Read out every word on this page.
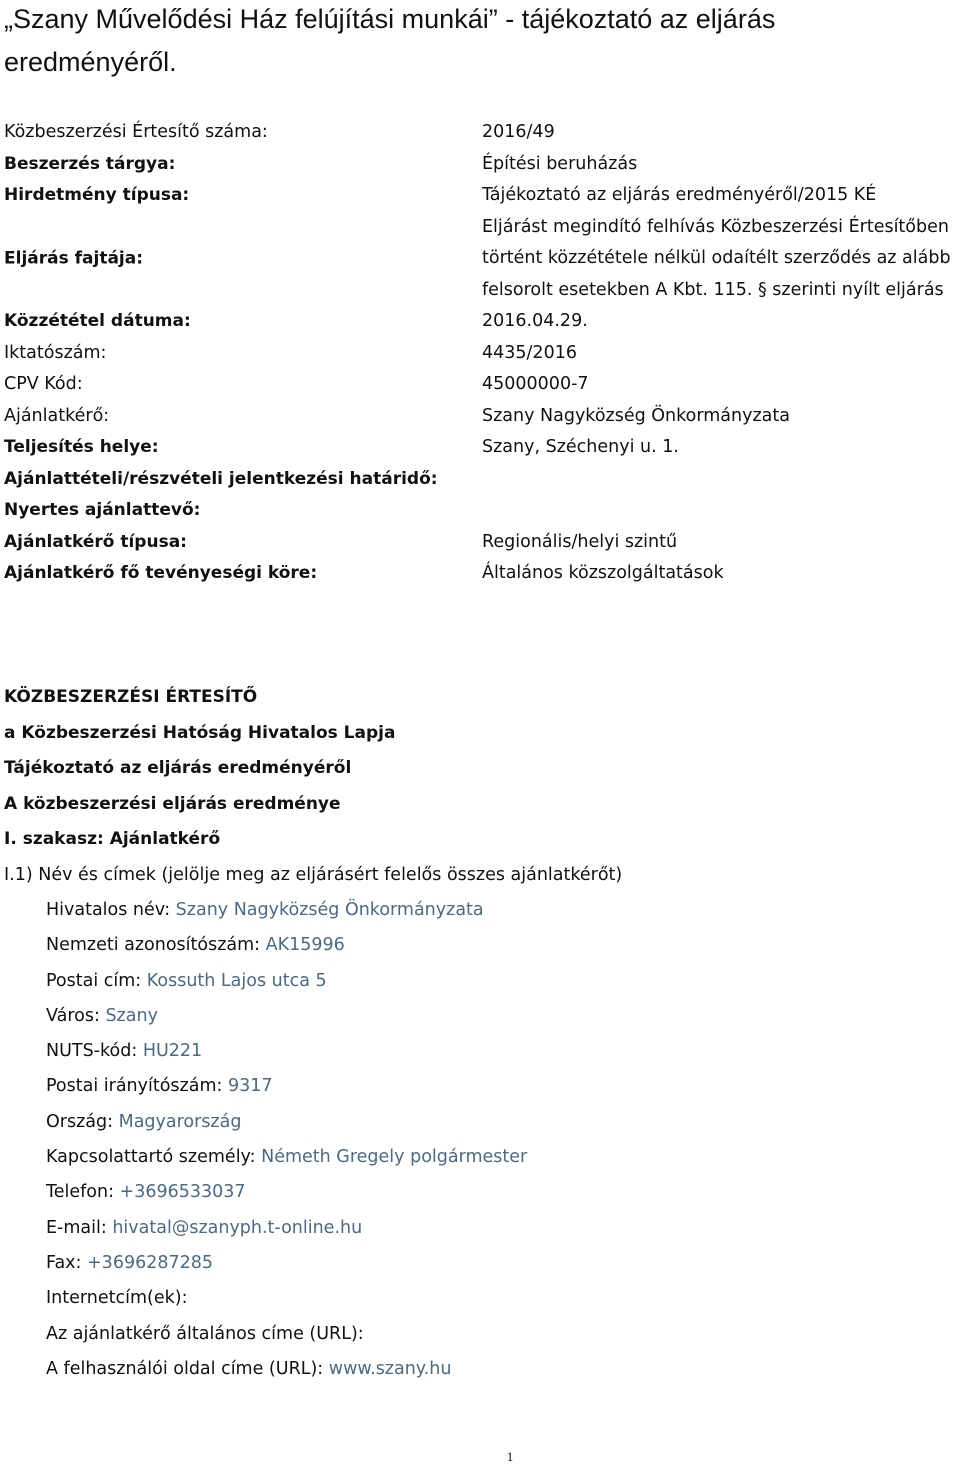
„Szany Művelődési Ház felújítási munkái” - tájékoztató az eljárás eredményéről.
Közbeszerzési Értesítő száma:	2016/49
Beszerzés tárgya:	Építési beruházás
Hirdetmény típusa:	Tájékoztató az eljárás eredményéről/2015 KÉ
Eljárás fajtája:
Eljárást megindító felhívás Közbeszerzési Értesítőben történt közzététele nélkül odaítélt szerződés az alább felsorolt esetekben A Kbt. 115. § szerinti nyílt eljárás
Közzététel dátuma:	2016.04.29.
Iktatószám:	4435/2016
CPV Kód:	45000000-7
Ajánlatkérő:	Szany Nagyközség Önkormányzata
Teljesítés helye:	Szany, Széchenyi u. 1.
Ajánlattételi/részvételi jelentkezési határidő:
Nyertes ajánlattevő:
Ajánlatkérő típusa:	Regionális/helyi szintű
Ajánlatkérő fő tevényeségi köre:	Általános közszolgáltatások
KÖZBESZERZÉSI ÉRTESÍTŐ
a Közbeszerzési Hatóság Hivatalos Lapja
Tájékoztató az eljárás eredményéről
A közbeszerzési eljárás eredménye
I. szakasz: Ajánlatkérő
I.1) Név és címek (jelölje meg az eljárásért felelős összes ajánlatkérőt)
Hivatalos név: Szany Nagyközség Önkormányzata
Nemzeti azonosítószám: AK15996
Postai cím: Kossuth Lajos utca 5
Város: Szany
NUTS-kód: HU221
Postai irányítószám: 9317
Ország: Magyarország
Kapcsolattartó személy: Németh Gregely polgármester
Telefon: +3696533037
E-mail: hivatal@szanyph.t-online.hu
Fax: +3696287285
Internetcím(ek):
Az ajánlatkérő általános címe (URL):
A felhasználói oldal címe (URL): www.szany.hu
1
